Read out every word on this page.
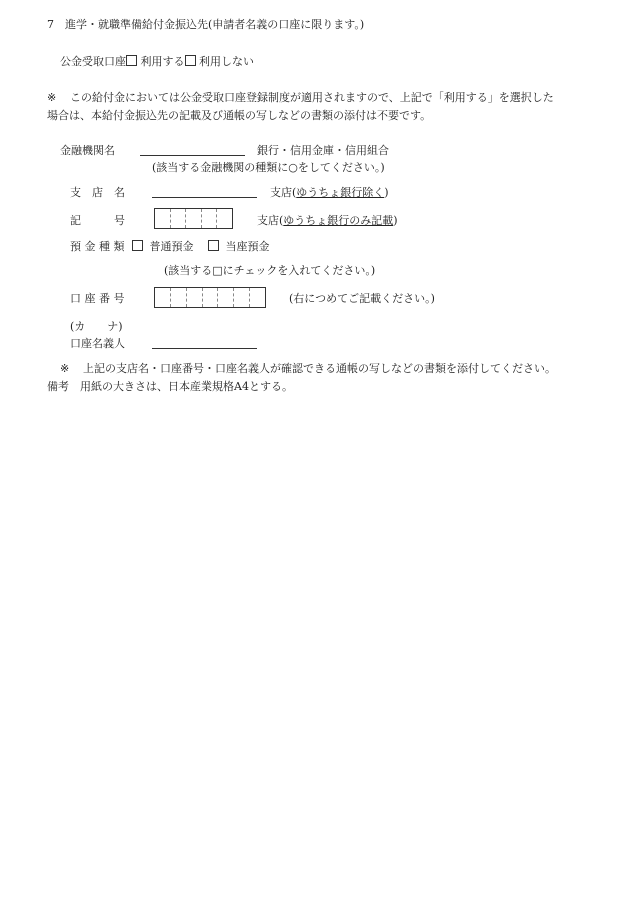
7　進学・就職準備給付金振込先(申請者名義の口座に限ります。)
公金受取口座 利用する 利用しない
※ この給付金においては公金受取口座登録制度が適用されますので、上記で「利用する」を選択した
場合は、本給付金振込先の記載及び通帳の写しなどの書類の添付は不要です。
金融機関名	銀行・信用金庫・信用組合
(該当する金融機関の種類に○をしてください。)
支　店　名	支店(ゆうちょ銀行除く)
記　　　号	支店(ゆうちょ銀行のみ記載)
預 金 種 類 普通預金	当座預金
(該当する□にチェックを入れてください。)
口 座 番 号	(右につめてご記載ください。)
(カ　　ナ)
口座名義人
※ 上記の支店名・口座番号・口座名義人が確認できる通帳の写しなどの書類を添付してください。
備考 用紙の大きさは、日本産業規格A4とする。
